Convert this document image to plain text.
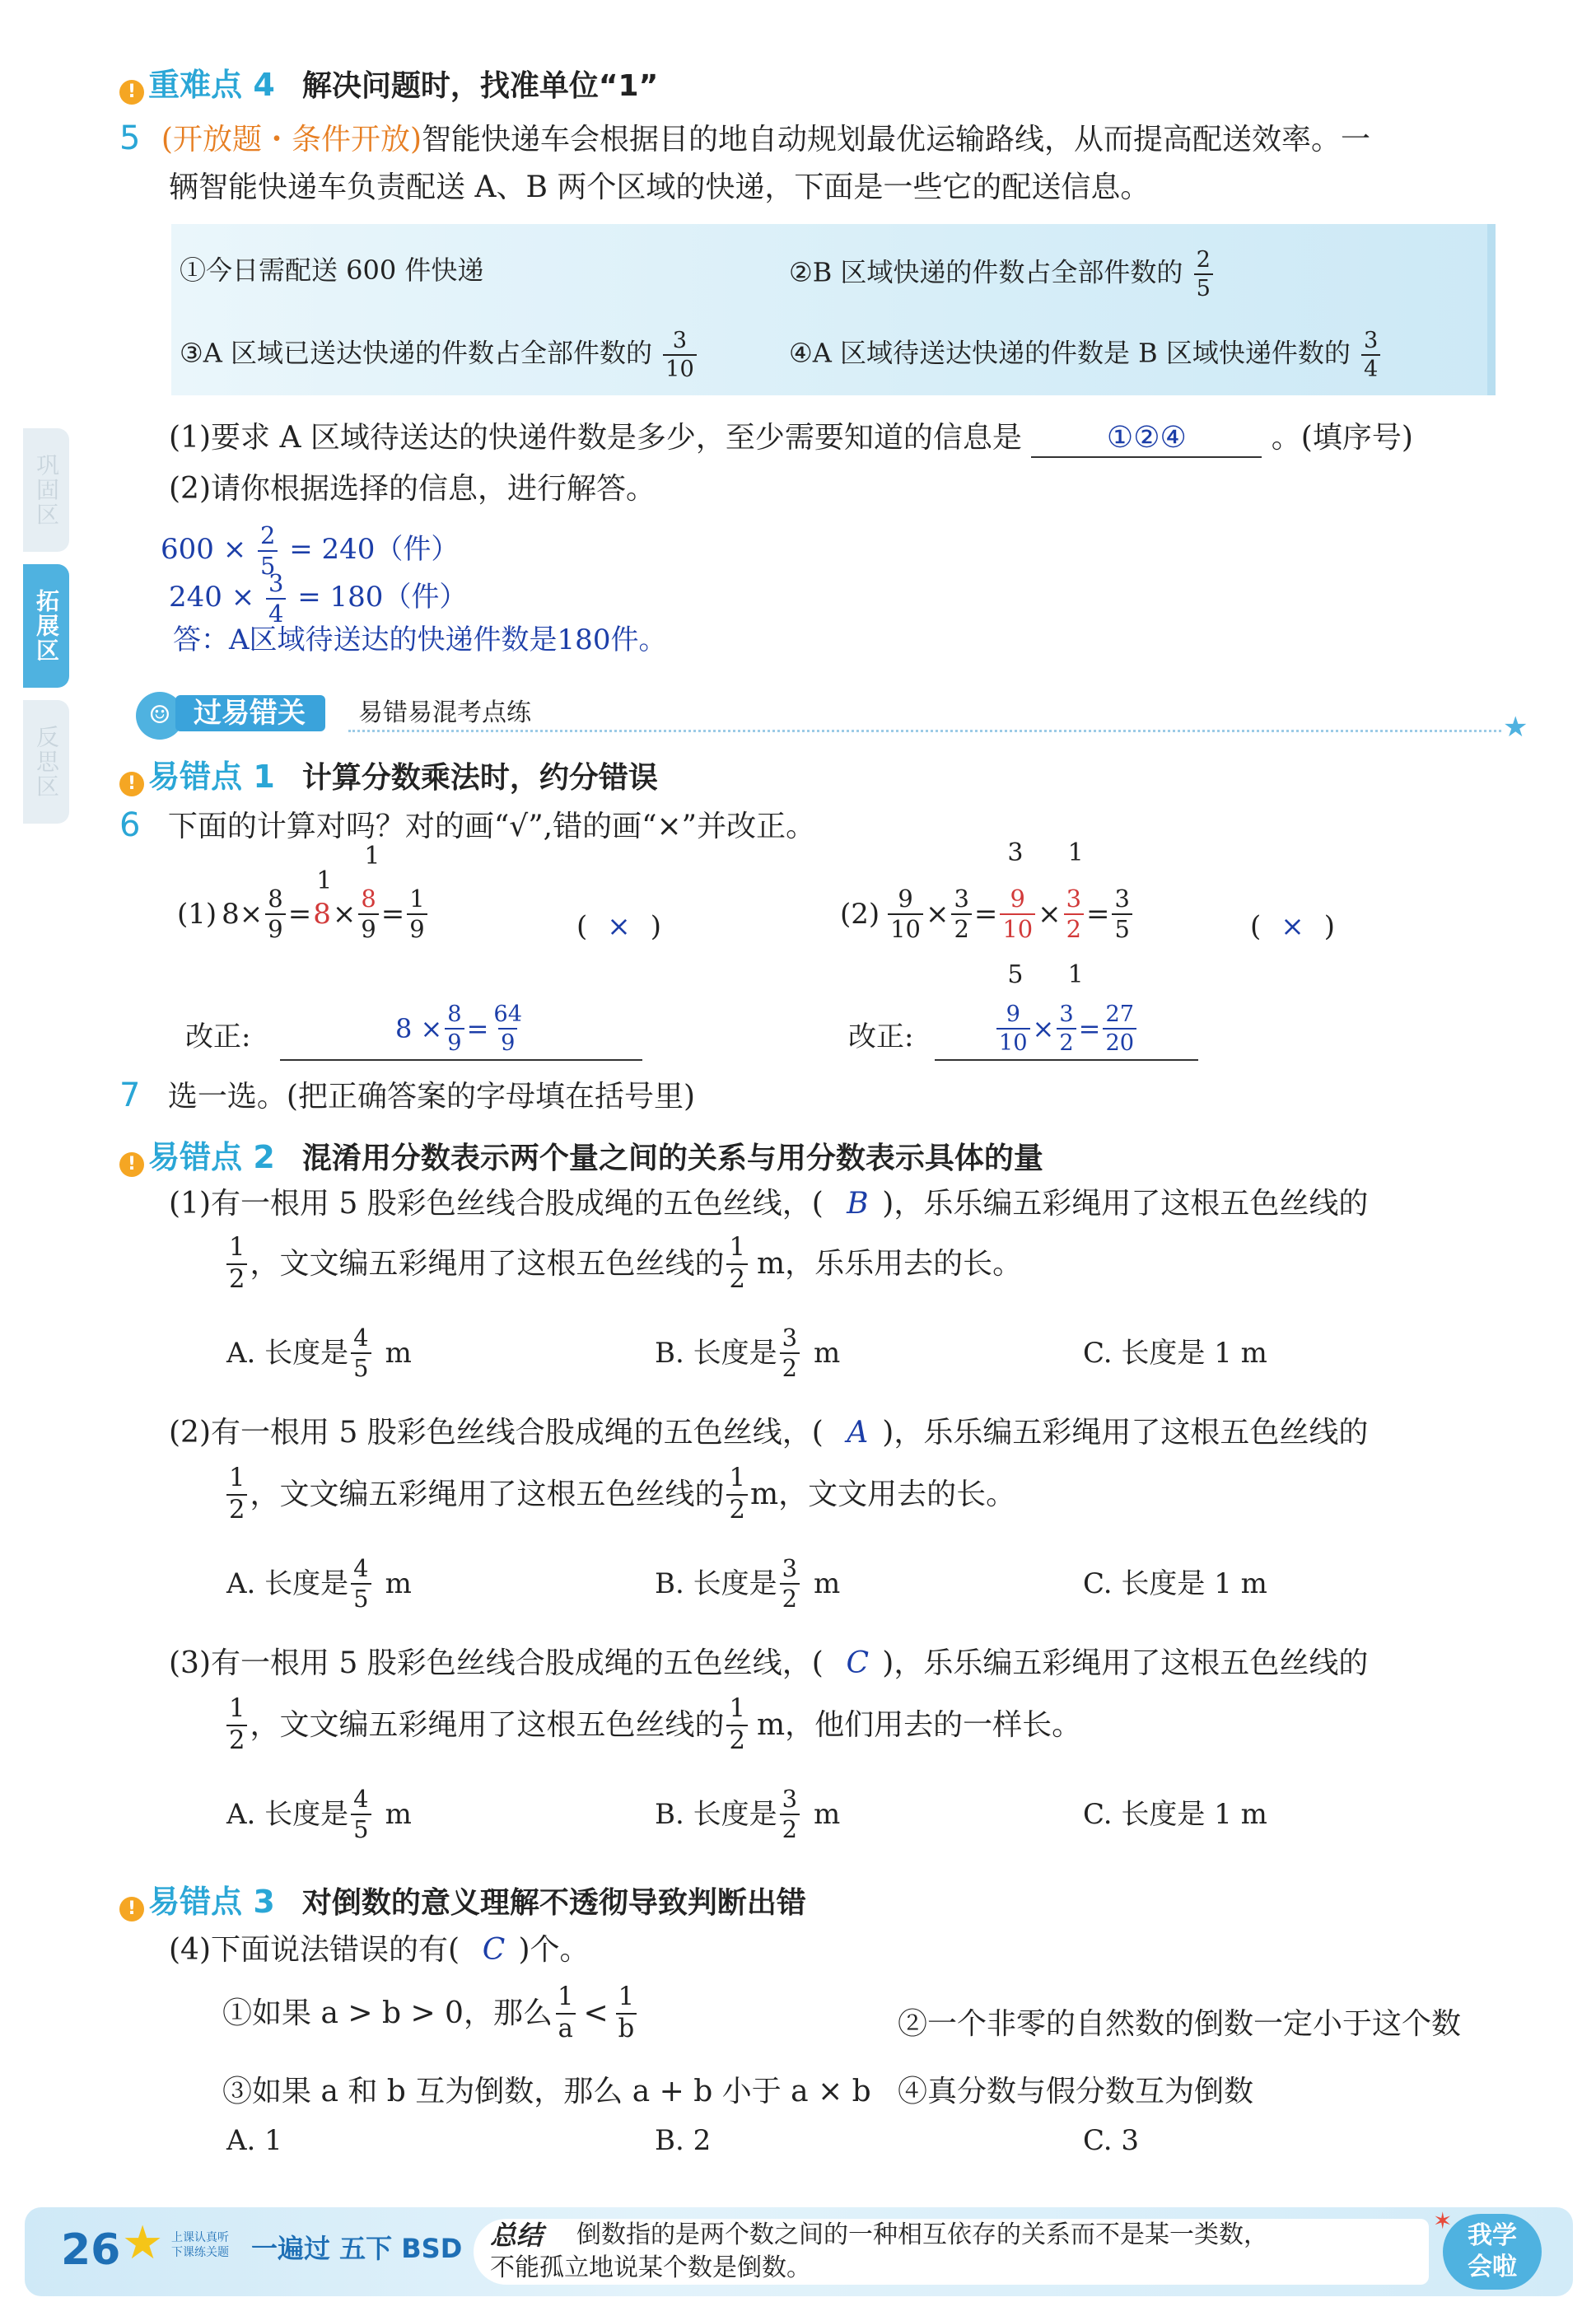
! 重难点 4 解决问题时，找准单位“1”
5 (开放题・条件开放)智能快递车会根据目的地自动规划最优运输路线，从而提高配送效率。一
辆智能快递车负责配送 A、B 两个区域的快递，下面是一些它的配送信息。
①今日需配送 600 件快递	②B 区域快递的件数占全部件数的 $\frac{2}{5}$
③A 区域已送达快递的件数占全部件数的 $\frac{3}{10}$	④A 区域待送达快递的件数是 B 区域快递件数的 $\frac{3}{4}$
(1)要求 A 区域待送达的快递件数是多少，至少需要知道的信息是	①②④	。(填序号)
(2)请你根据选择的信息，进行解答。
$600 \times \frac{2}{5} = 240$（件）
$240 \times \frac{3}{4} = 180$（件）
答：A区域待送达的快递件数是180件。
巩固区
拓展区
反思区
☺ 过易错关	易错易混考点练	★
! 易错点 1 计算分数乘法时，约分错误
6 下面的计算对吗？对的画“√”,错的画“×”并改正。
(1) $8\times \frac{8}{9}$ =
1
8 ×
1
$\frac{8}{9} = \frac{1}{9}$	( × )	$(2) \frac{9}{10} \times \frac{3}{2}$ =
3
$\frac{9}{10}$
5
×
1
$\frac{3}{2}$
1
= $\frac{3}{5}$	( × )
改正:	$8 \times \frac{8}{9} = \frac{64}{9}$	改正:	$\frac{9}{10} \times \frac{3}{2} = \frac{27}{20}$
7 选一选。(把正确答案的字母填在括号里)
! 易错点 2 混淆用分数表示两个量之间的关系与用分数表示具体的量
(1)有一根用 5 股彩色丝线合股成绳的五色丝线，( B )，乐乐编五彩绳用了这根五色丝线的
$\frac{1}{2}$ ，文文编五彩绳用了这根五色丝线的 $\frac{1}{2}$ m，乐乐用去的长。
A. 长度是 $\frac{4}{5}$ m	B. 长度是 $\frac{3}{2}$ m	C. 长度是 1 m
(2)有一根用 5 股彩色丝线合股成绳的五色丝线，( A )，乐乐编五彩绳用了这根五色丝线的
$\frac{1}{2}$ ，文文编五彩绳用了这根五色丝线的 $\frac{1}{2}$ m，文文用去的长。
A. 长度是 $\frac{4}{5}$ m	B. 长度是 $\frac{3}{2}$ m	C. 长度是 1 m
(3)有一根用 5 股彩色丝线合股成绳的五色丝线，( C )，乐乐编五彩绳用了这根五色丝线的
$\frac{1}{2}$ ，文文编五彩绳用了这根五色丝线的 $\frac{1}{2}$ m，他们用去的一样长。
A. 长度是 $\frac{4}{5}$ m	B. 长度是 $\frac{3}{2}$ m	C. 长度是 1 m
! 易错点 3 对倒数的意义理解不透彻导致判断出错
(4)下面说法错误的有( C )个。
①如果 a > b > 0，那么 $\frac{1}{a} < \frac{1}{b}$	②一个非零的自然数的倒数一定小于这个数
③如果 a 和 b 互为倒数，那么 a + b 小于 a × b ④真分数与假分数互为倒数
A. 1	B. 2	C. 3
26 ★ 上课认真听
下课练关题 一遍过 五下 BSD 总结 倒数指的是两个数之间的一种相互依存的关系而不是某一类数，
不能孤立地说某个数是倒数。
我学会啦
✶
